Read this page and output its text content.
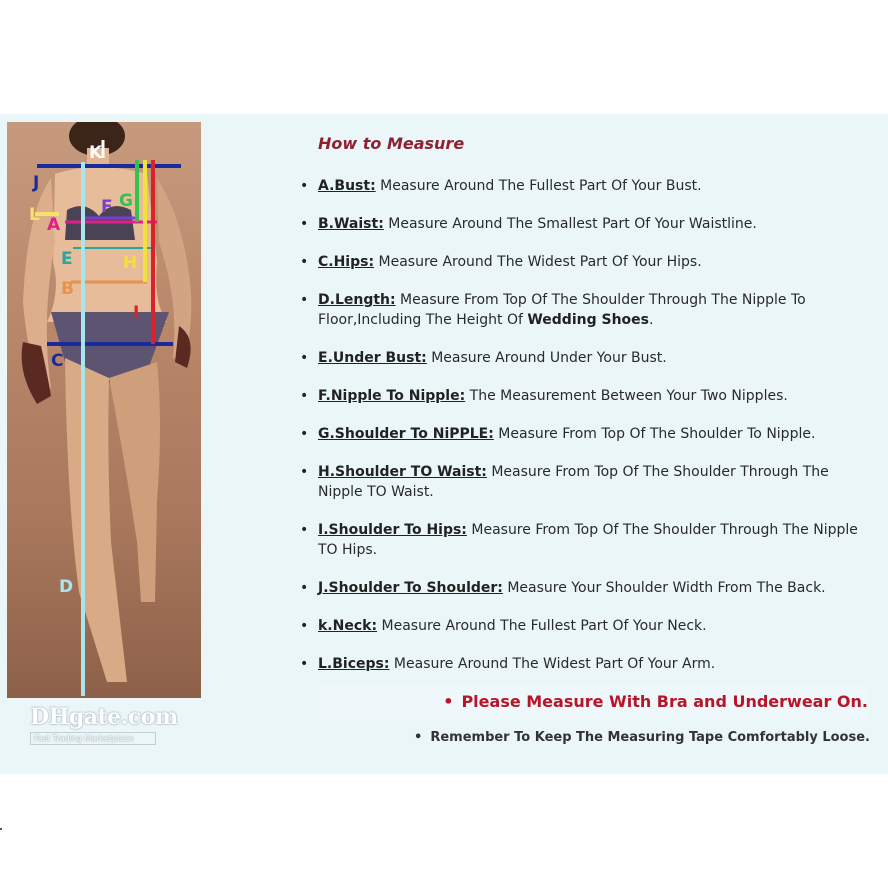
K
J
L A
F G
E	H
B
I
C
D
DHgate.com
Fast Trading Marketplace
How to Measure
• A.Bust: Measure Around The Fullest Part Of Your Bust.
• B.Waist: Measure Around The Smallest Part Of Your Waistline.
• C.Hips: Measure Around The Widest Part Of Your Hips.
• D.Length: Measure From Top Of The Shoulder Through The Nipple To Floor,Including The Height Of Wedding Shoes.
• E.Under Bust: Measure Around Under Your Bust.
• F.Nipple To Nipple: The Measurement Between Your Two Nipples.
• G.Shoulder To NiPPLE: Measure From Top Of The Shoulder To Nipple.
• H.Shoulder TO Waist: Measure From Top Of The Shoulder Through The Nipple TO Waist.
• I.Shoulder To Hips: Measure From Top Of The Shoulder Through The Nipple TO Hips.
• J.Shoulder To Shoulder: Measure Your Shoulder Width From The Back.
• k.Neck: Measure Around The Fullest Part Of Your Neck.
• L.Biceps: Measure Around The Widest Part Of Your Arm.
• Please Measure With Bra and Underwear On.
• Remember To Keep The Measuring Tape Comfortably Loose.
